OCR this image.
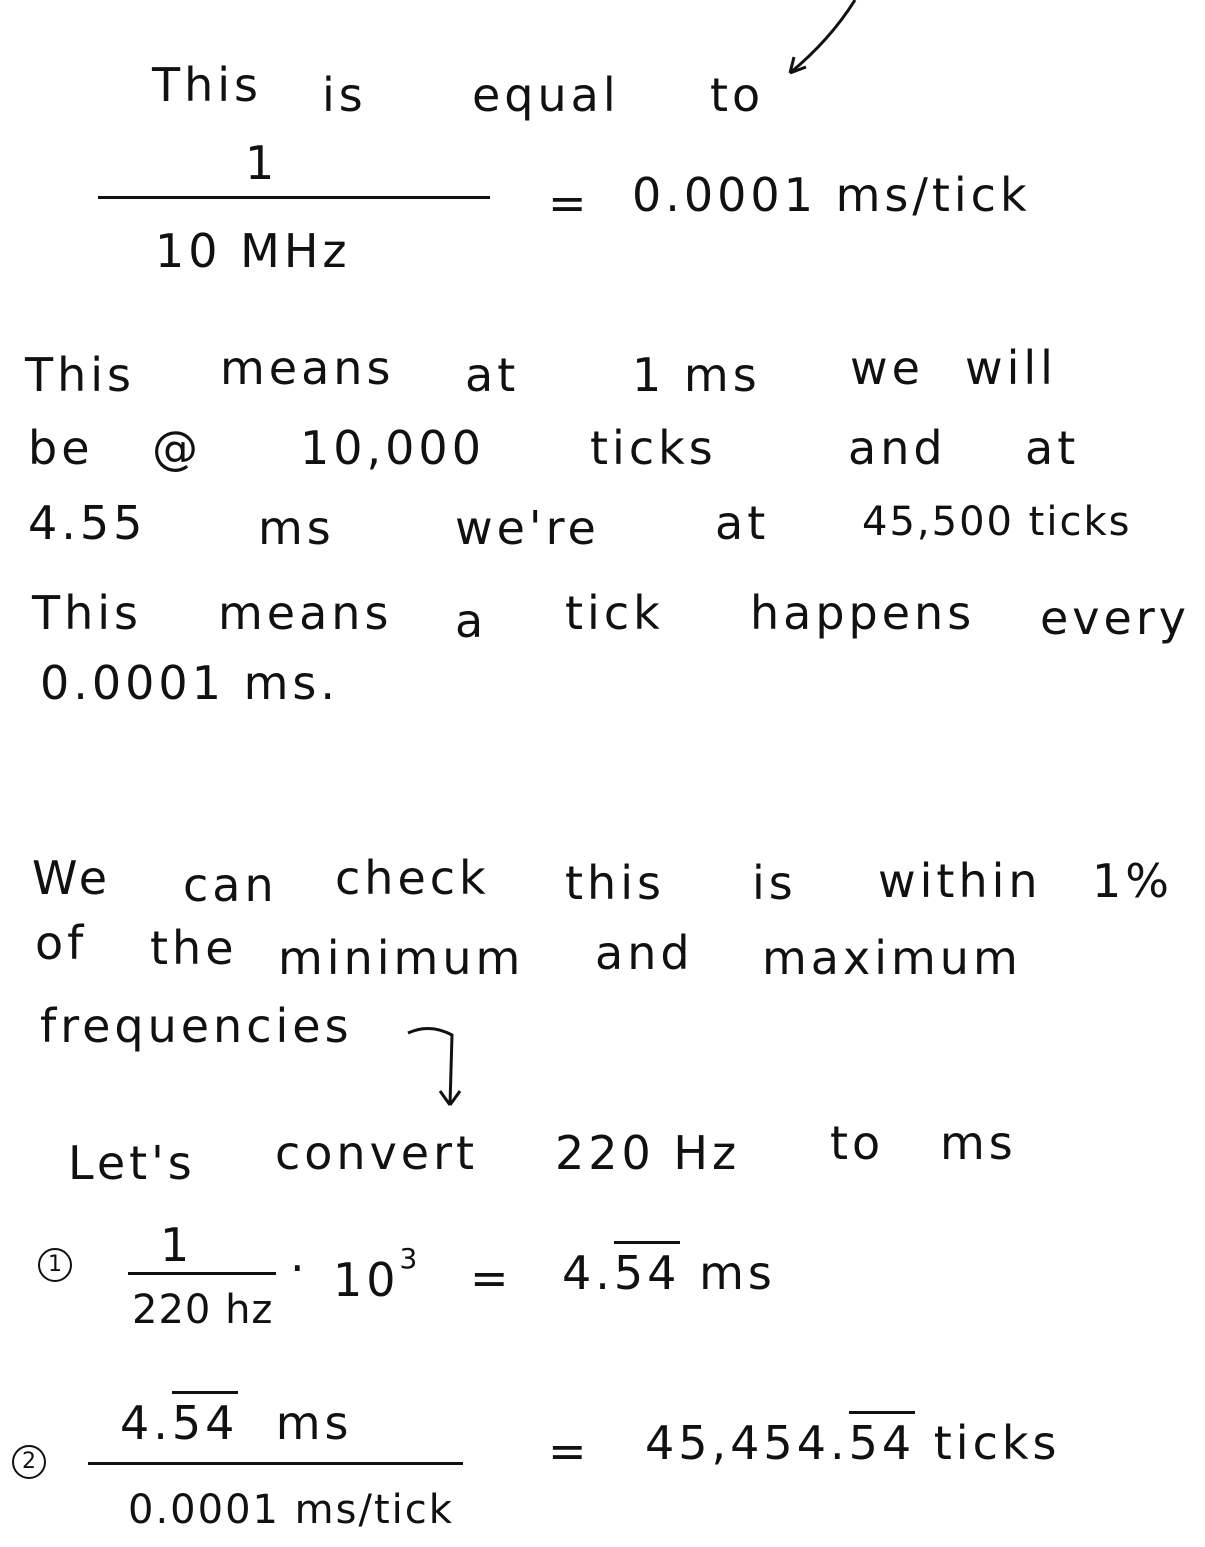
This is equal to
1
10 MHz
= 0.0001 ms/tick
This means at 1 ms we will
be @ 10,000 ticks	and at
4.55 ms	we're	at 45,500 ticks
This means a tick happens every
0.0001 ms.
We can check this is within 1%
of the minimum and maximum
frequencies
Let's convert 220 Hz to ms
1 1
220 hz
· $10^3 = 4.54$ ms
2
4.54 ms
0.0001 ms/tick
= 45,454.54 ticks
